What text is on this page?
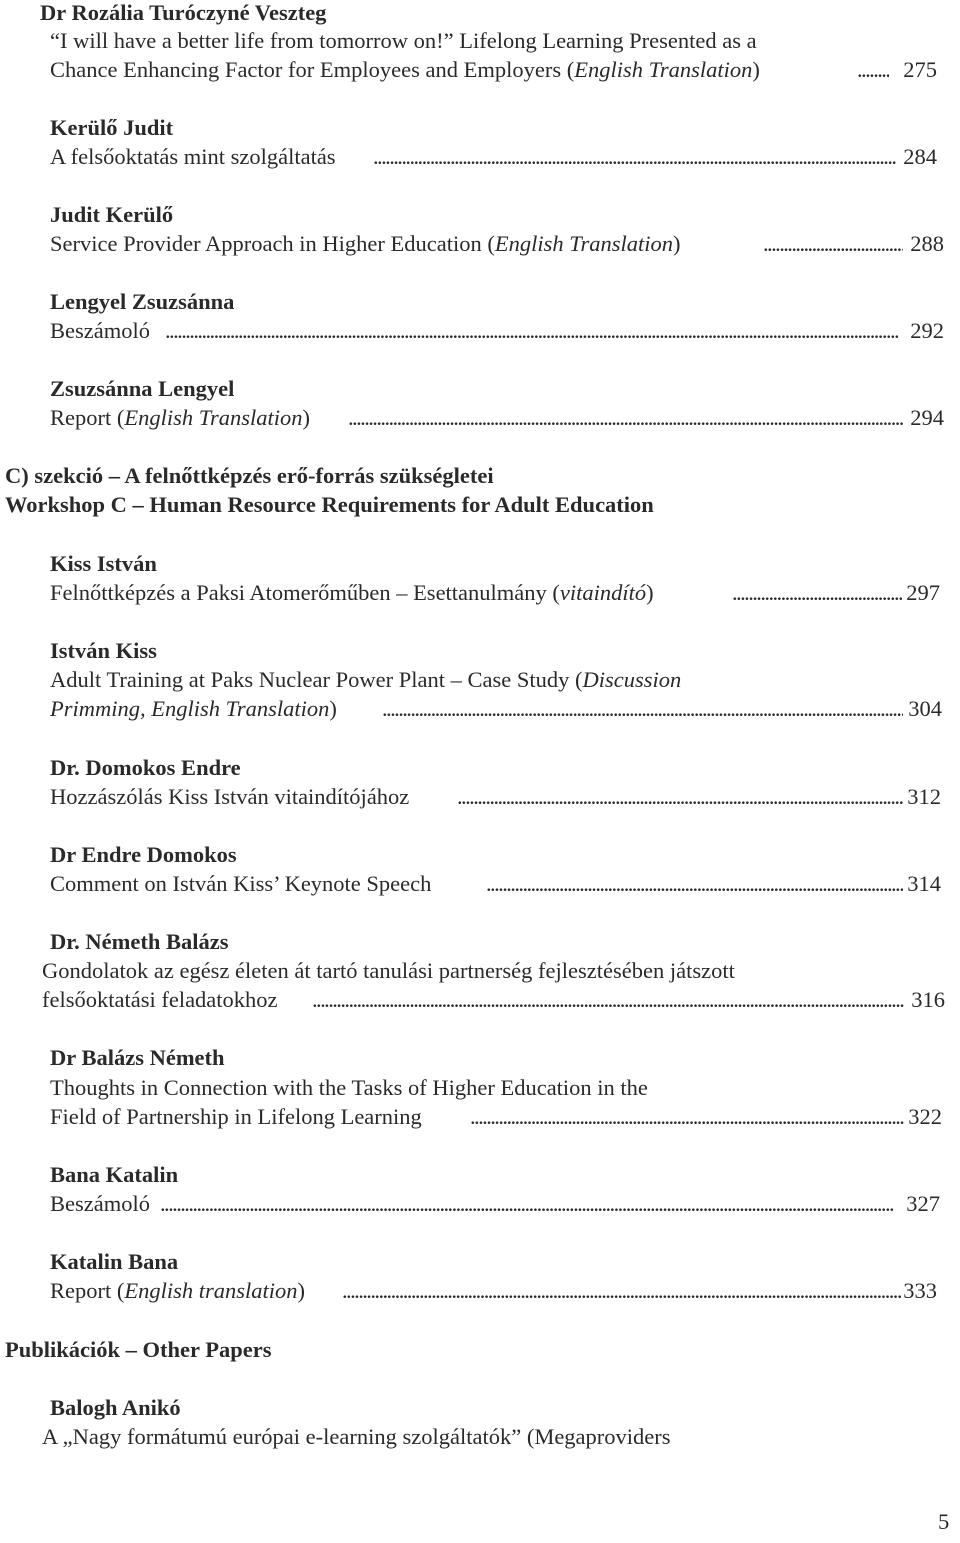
Dr Rozália Turóczyné Veszteg
“I will have a better life from tomorrow on!” Lifelong Learning Presented as a
Chance Enhancing Factor for Employees and Employers (English Translation) . . .	275
Kerülő Judit
A felsőoktatás mint szolgáltatás . . .	284
Judit Kerülő
Service Provider Approach in Higher Education (English Translation) . . .	288
Lengyel Zsuzsánna
Beszámoló . . .	292
Zsuzsánna Lengyel
Report (English Translation) . . .	294
C) szekció – A felnőttképzés erő-forrás szükségletei
Workshop C – Human Resource Requirements for Adult Education
Kiss István
Felnőttképzés a Paksi Atomerőműben – Esettanulmány (vitaindító) . . .	297
István Kiss
Adult Training at Paks Nuclear Power Plant – Case Study (Discussion
Primming, English Translation) . . .	304
Dr. Domokos Endre
Hozzászólás Kiss István vitaindítójához . . .	312
Dr Endre Domokos
Comment on István Kiss’ Keynote Speech . . .	314
Dr. Németh Balázs
Gondolatok az egész életen át tartó tanulási partnerség fejlesztésében játszott
felsőoktatási feladatokhoz . . .	316
Dr Balázs Németh
Thoughts in Connection with the Tasks of Higher Education in the
Field of Partnership in Lifelong Learning . . .	322
Bana Katalin
Beszámoló . . .	327
Katalin Bana
Report (English translation) . . .	333
Publikációk – Other Papers
Balogh Anikó
A „Nagy formátumú európai e-learning szolgáltatók” (Megaproviders
5
